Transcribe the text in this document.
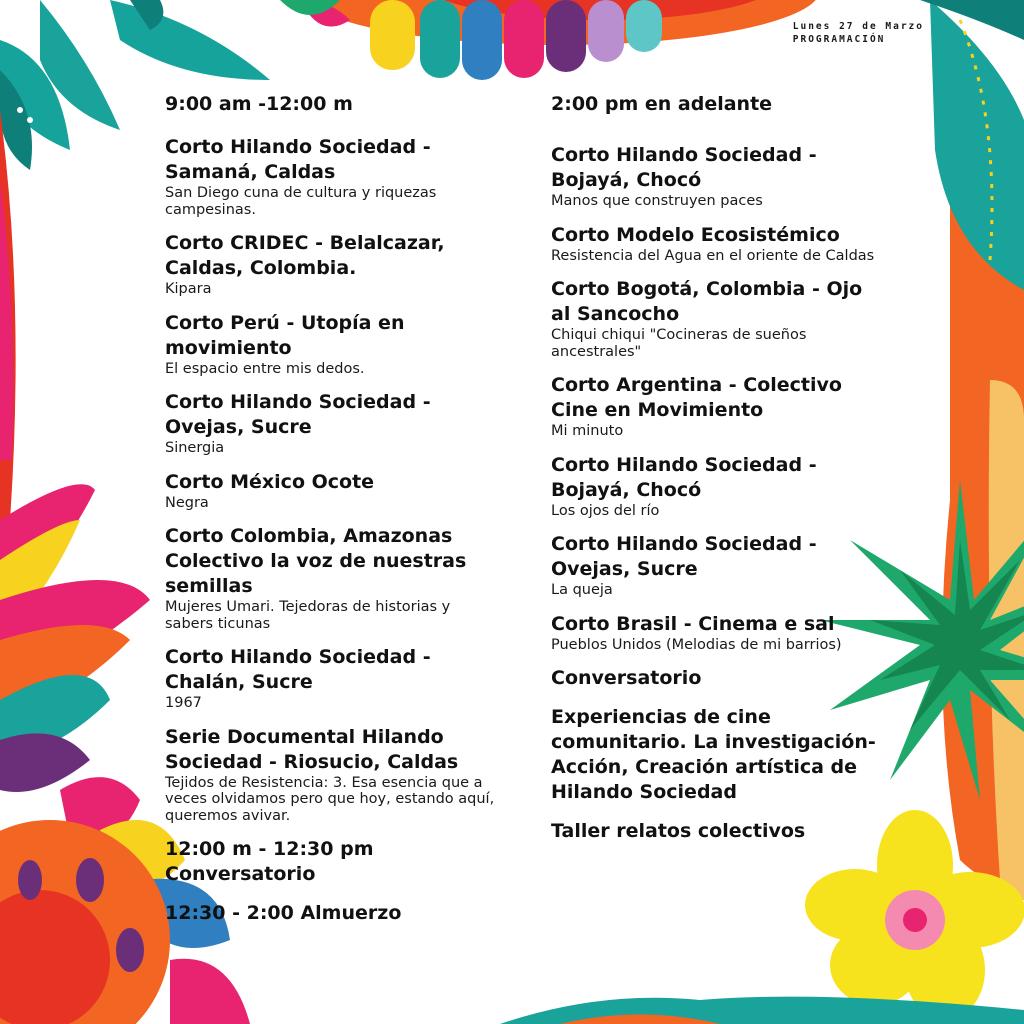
Lunes 27 de Marzo
PROGRAMACIÓN
9:00 am -12:00 m
Corto Hilando Sociedad - Samaná, Caldas
San Diego cuna de cultura y riquezas campesinas.
Corto CRIDEC - Belalcazar, Caldas, Colombia.
Kipara
Corto Perú - Utopía en movimiento
El espacio entre mis dedos.
Corto Hilando Sociedad - Ovejas, Sucre
Sinergia
Corto México Ocote
Negra
Corto Colombia, Amazonas Colectivo la voz de nuestras semillas
Mujeres Umari. Tejedoras de historias y sabers ticunas
Corto Hilando Sociedad - Chalán, Sucre
1967
Serie Documental Hilando Sociedad - Riosucio, Caldas
Tejidos de Resistencia: 3. Esa esencia que a veces olvidamos pero que hoy, estando aquí, queremos avivar.
12:00 m - 12:30 pm Conversatorio
12:30 - 2:00 Almuerzo
2:00 pm en adelante
Corto Hilando Sociedad - Bojayá, Chocó
Manos que construyen paces
Corto Modelo Ecosistémico
Resistencia del Agua en el oriente de Caldas
Corto Bogotá, Colombia - Ojo al Sancocho
Chiqui chiqui "Cocineras de sueños ancestrales"
Corto Argentina - Colectivo Cine en Movimiento
Mi minuto
Corto Hilando Sociedad - Bojayá, Chocó
Los ojos del río
Corto Hilando Sociedad - Ovejas, Sucre
La queja
Corto Brasil - Cinema e sal
Pueblos Unidos (Melodias de mi barrios)
Conversatorio
Experiencias de cine comunitario. La investigación-Acción, Creación artística de Hilando Sociedad
Taller relatos colectivos
